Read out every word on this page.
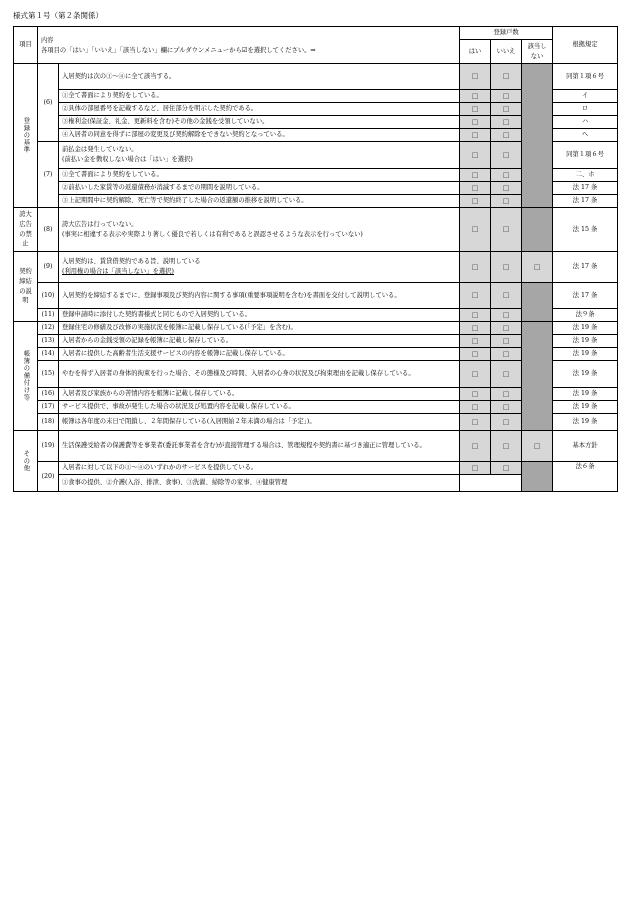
様式第１号（第２条関係）
項目	内容
各項目の「はい」「いいえ」「該当しない」欄にプルダウンメニューから☑を選択してください。⇒		登録戸数			根拠規定
			はい	いいえ	該当しない	

登録の基準	(6)	入居契約は次の①～④に全て該当する。	□	□		同第１項６号
		①全て書面により契約をしている。	□	□		イ
		②具体の部屋番号を記載するなど、居住部分を明示した契約である。	□	□		ロ
		③権利金(保証金、礼金、更新料を含む)その他の金銭を受領していない。	□	□		ハ
		④入居者の同意を得ずに部屋の変更及び契約解除をできない契約となっている。	□	□		ヘ
	(7)	前払金は発生していない。
(前払い金を徴収しない場合は「はい」を選択)	□	□		同第１項６号
		①全て書面により契約をしている。	□	□		二、ホ
		②前払いした家賃等の返還債務が消滅するまでの期間を説明している。	□	□		法 17 条
		③上記期間中に契約解除、死亡等で契約終了した場合の返還額の推移を説明している。	□	□		法 17 条
誇大広告の禁止	(8)	誇大広告は行っていない。
(事実に相違する表示や実際より著しく優良で若しくは有利であると誤認させるような表示を行っていない)	□	□		法 15 条
契約締結の説明	(9)	入居契約は、賃貸借契約である旨、説明している
(利用権の場合は「該当しない」を選択)	□	□	□	法 17 条
	(10)	入居契約を締結するまでに、登録事項及び契約内容に関する事項(重要事項説明を含む)を書面を交付して説明している。	□	□		法 17 条
	(11)	登録申請時に添付した契約書様式と同じもので入居契約している。	□	□		法９条
帳簿の備付け等	(12)	登録住宅の修繕及び改修の実施状況を帳簿に記載し保存している(「予定」を含む)。	□	□		法 19 条
	(13)	入居者からの金銭受領の記録を帳簿に記載し保存している。	□	□		法 19 条
	(14)	入居者に提供した高齢者生活支援サービスの内容を帳簿に記載し保存している。	□	□		法 19 条
	(15)	やむを得ず入居者の身体的拘束を行った場合、その態様及び時間、入居者の心身の状況及び拘束理由を記載し保存している。	□	□		法 19 条
	(16)	入居者及び家族からの苦情内容を帳簿に記載し保存している。	□	□		法 19 条
	(17)	サービス提供で、事故が発生した場合の状況及び処置内容を記載し保存している。	□	□		法 19 条
	(18)	帳簿は各年度の末日で閉鎖し、２年間保存している(入居開始２年未満の場合は「予定」)。	□	□		法 19 条
その他	(19)	生活保護受給者の保護費等を事業者(委託事業者を含む)が直接管理する場合は、管理規程や契約書に基づき適正に管理している。	□	□	□	基本方針
	(20)	入居者に対して以下の①～④のいずれかのサービスを提供している。	□	□		法６条
		①食事の提供、②介護(入浴、排泄、食事)、③洗濯、掃除等の家事、④健康管理				
